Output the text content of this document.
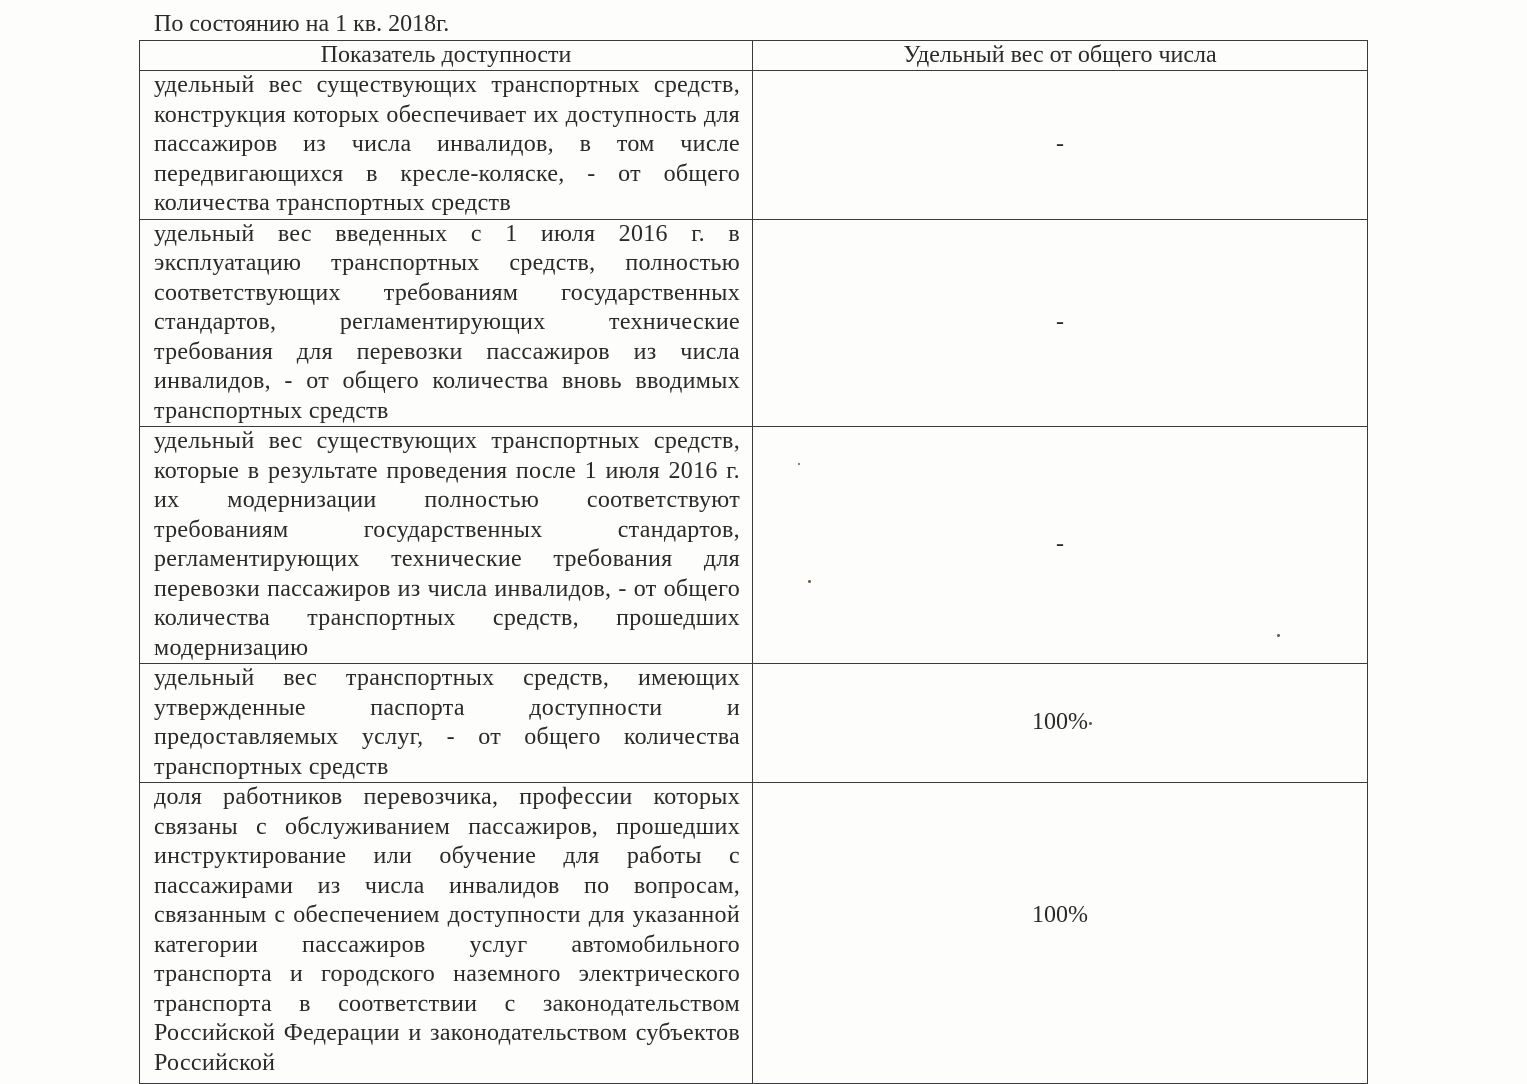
По состоянию на 1 кв. 2018г.
Показатель доступности	Удельный вес от общего числа
удельный вес существующих транспортных средств, конструкция которых обеспечивает их доступность для пассажиров из числа инвалидов, в том числе передвигающихся в кресле-коляске, - от общего количества транспортных средств	-
удельный вес введенных с 1 июля 2016 г. в эксплуатацию транспортных средств, полностью соответствующих требованиям государственных стандартов, регламентирующих технические требования для перевозки пассажиров из числа инвалидов, - от общего количества вновь вводимых транспортных средств	-
удельный вес существующих транспортных средств, которые в результате проведения после 1 июля 2016 г. их модернизации полностью соответствуют требованиям государственных стандартов, регламентирующих технические требования для перевозки пассажиров из числа инвалидов, - от общего количества транспортных средств, прошедших модернизацию	-
удельный вес транспортных средств, имеющих утвержденные паспорта доступности и предоставляемых услуг, - от общего количества транспортных средств	100%
доля работников перевозчика, профессии которых связаны с обслуживанием пассажиров, прошедших инструктирование или обучение для работы с пассажирами из числа инвалидов по вопросам, связанным с обеспечением доступности для указанной категории пассажиров услуг автомобильного транспорта и городского наземного электрического транспорта в соответствии с законодательством Российской Федерации и законодательством субъектов Российской	100%
